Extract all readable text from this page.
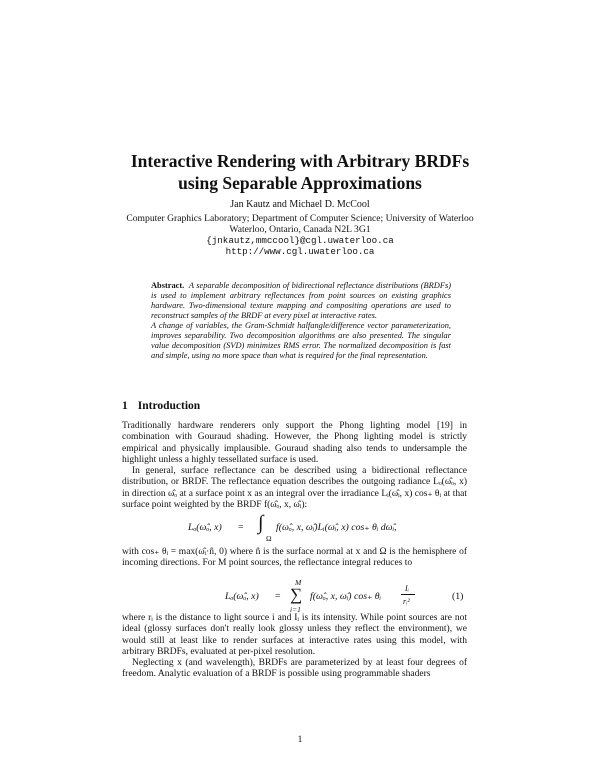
Interactive Rendering with Arbitrary BRDFs
using Separable Approximations
Jan Kautz and Michael D. McCool
Computer Graphics Laboratory; Department of Computer Science; University of Waterloo
Waterloo, Ontario, Canada N2L 3G1
{jnkautz,mmccool}@cgl.uwaterloo.ca
http://www.cgl.uwaterloo.ca

Abstract. A separable decomposition of bidirectional reflectance distributions (BRDFs) is used to implement arbitrary reflectances from point sources on existing graphics hardware. Two-dimensional texture mapping and compositing operations are used to reconstruct samples of the BRDF at every pixel at interactive rates.

A change of variables, the Gram-Schmidt halfangle/difference vector parameterization, improves separability. Two decomposition algorithms are also presented. The singular value decomposition (SVD) minimizes RMS error. The normalized decomposition is fast and simple, using no more space than what is required for the final representation.

1 Introduction

Traditionally hardware renderers only support the Phong lighting model [19] in combination with Gouraud shading. However, the Phong lighting model is strictly empirical and physically implausible. Gouraud shading also tends to undersample the highlight unless a highly tessellated surface is used.

In general, surface reflectance can be described using a bidirectional reflectance distribution, or BRDF. The reflectance equation describes the outgoing radiance Lₒ(ω̂ₒ, x) in direction ω̂ₒ at a surface point x as an integral over the irradiance Lᵢ(ω̂ᵢ, x) cos₊ θᵢ at that surface point weighted by the BRDF f(ω̂ₒ, x, ω̂ᵢ):

Lₒ(ω̂ₒ, x) = ∫
Ω
f(ω̂ₒ, x, ω̂ᵢ)Lᵢ(ω̂ᵢ, x) cos₊ θᵢ dω̂ᵢ,

with cos₊ θᵢ = max(ω̂ᵢ·n̂, 0) where n̂ is the surface normal at x and Ω is the hemisphere of incoming directions. For M point sources, the reflectance integral reduces to

Lₒ(ω̂ₒ, x) =
M
∑
i=1
f(ω̂ₒ, x, ω̂ᵢ) cos₊ θᵢ
Iᵢ
rᵢ²	(1)

where rᵢ is the distance to light source i and Iᵢ is its intensity. While point sources are not ideal (glossy surfaces don't really look glossy unless they reflect the environment), we would still at least like to render surfaces at interactive rates using this model, with arbitrary BRDFs, evaluated at per-pixel resolution.

Neglecting x (and wavelength), BRDFs are parameterized by at least four degrees of freedom. Analytic evaluation of a BRDF is possible using programmable shaders

1
